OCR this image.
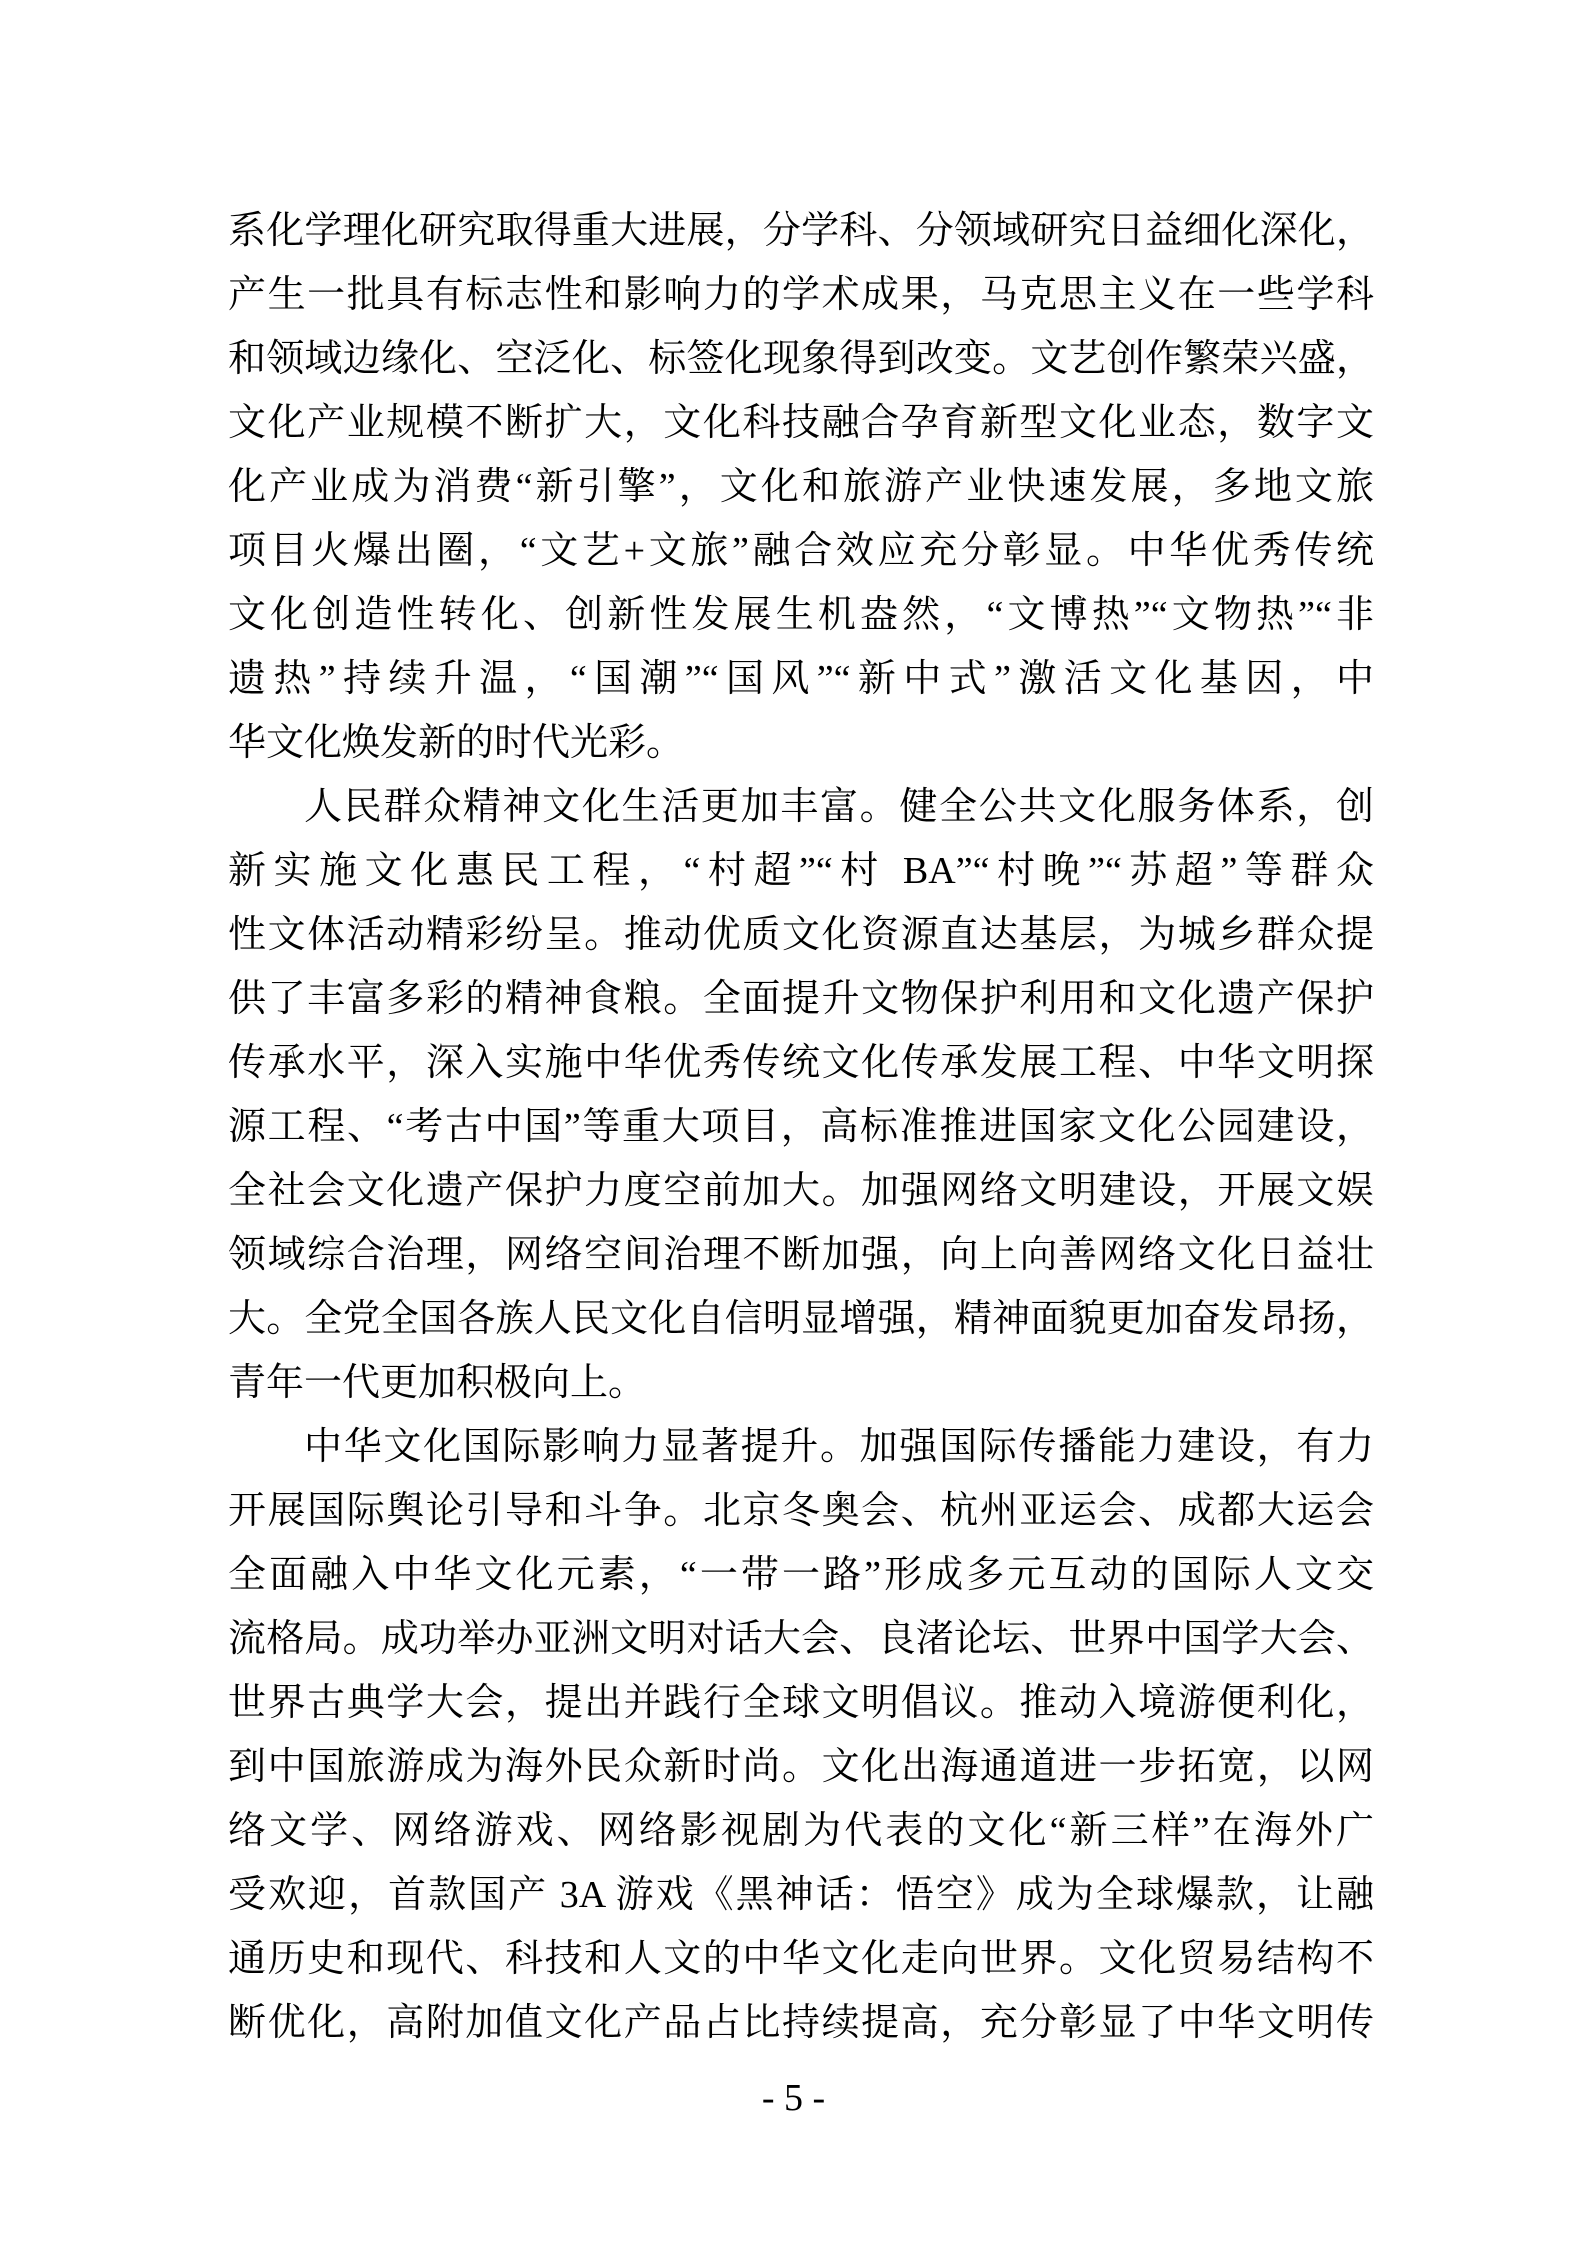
系化学理化研究取得重大进展，分学科、分领域研究日益细化深化，
产生一批具有标志性和影响力的学术成果，马克思主义在一些学科
和领域边缘化、空泛化、标签化现象得到改变。文艺创作繁荣兴盛，
文化产业规模不断扩大，文化科技融合孕育新型文化业态，数字文
化产业成为消费“新引擎”，文化和旅游产业快速发展，多地文旅
项目火爆出圈，“文艺+文旅”融合效应充分彰显。中华优秀传统
文化创造性转化、创新性发展生机盎然，“文博热”“文物热”“非
遗热”持续升温，“国潮”“国风”“新中式”激活文化基因，中
华文化焕发新的时代光彩。
人民群众精神文化生活更加丰富。健全公共文化服务体系，创
新实施文化惠民工程，“村超”“村 BA”“村晚”“苏超”等群众
性文体活动精彩纷呈。推动优质文化资源直达基层，为城乡群众提
供了丰富多彩的精神食粮。全面提升文物保护利用和文化遗产保护
传承水平，深入实施中华优秀传统文化传承发展工程、中华文明探
源工程、“考古中国”等重大项目，高标准推进国家文化公园建设，
全社会文化遗产保护力度空前加大。加强网络文明建设，开展文娱
领域综合治理，网络空间治理不断加强，向上向善网络文化日益壮
大。全党全国各族人民文化自信明显增强，精神面貌更加奋发昂扬，
青年一代更加积极向上。
中华文化国际影响力显著提升。加强国际传播能力建设，有力
开展国际舆论引导和斗争。北京冬奥会、杭州亚运会、成都大运会
全面融入中华文化元素，“一带一路”形成多元互动的国际人文交
流格局。成功举办亚洲文明对话大会、良渚论坛、世界中国学大会、
世界古典学大会，提出并践行全球文明倡议。推动入境游便利化，
到中国旅游成为海外民众新时尚。文化出海通道进一步拓宽，以网
络文学、网络游戏、网络影视剧为代表的文化“新三样”在海外广
受欢迎，首款国产 3A 游戏《黑神话：悟空》成为全球爆款，让融
通历史和现代、科技和人文的中华文化走向世界。文化贸易结构不
断优化，高附加值文化产品占比持续提高，充分彰显了中华文明传
- 5 -
